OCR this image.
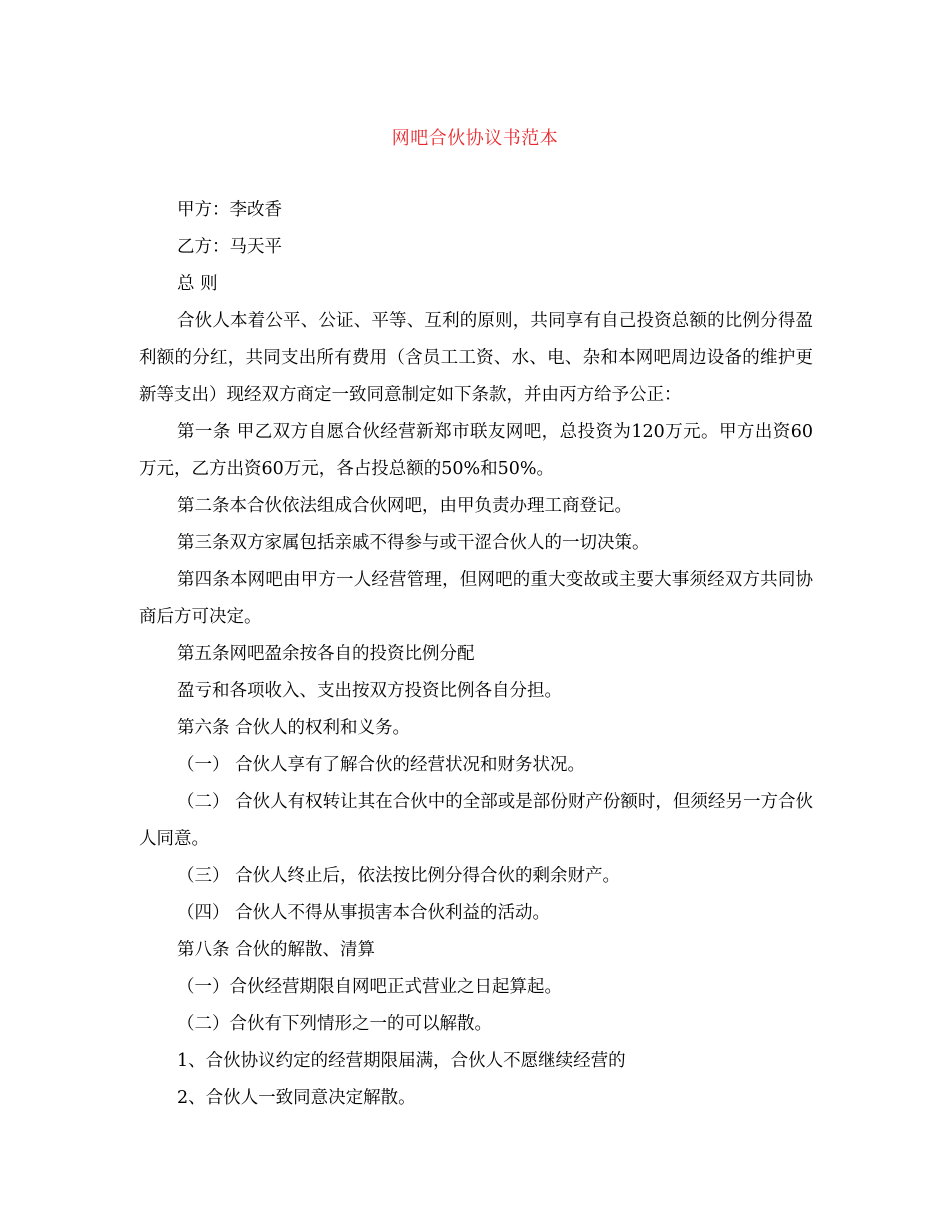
网吧合伙协议书范本

甲方：李改香

乙方：马天平

总 则

合伙人本着公平、公证、平等、互利的原则，共同享有自己投资总额的比例分得盈利额的分红，共同支出所有费用（含员工工资、水、电、杂和本网吧周边设备的维护更新等支出）现经双方商定一致同意制定如下条款，并由丙方给予公正：

第一条 甲乙双方自愿合伙经营新郑市联友网吧，总投资为120万元。甲方出资60万元，乙方出资60万元，各占投总额的50%和50%。

第二条本合伙依法组成合伙网吧，由甲负责办理工商登记。

第三条双方家属包括亲戚不得参与或干涩合伙人的一切决策。

第四条本网吧由甲方一人经营管理，但网吧的重大变故或主要大事须经双方共同协商后方可决定。

第五条网吧盈余按各自的投资比例分配

盈亏和各项收入、支出按双方投资比例各自分担。

第六条 合伙人的权利和义务。

（一） 合伙人享有了解合伙的经营状况和财务状况。

（二） 合伙人有权转让其在合伙中的全部或是部份财产份额时，但须经另一方合伙人同意。

（三） 合伙人终止后，依法按比例分得合伙的剩余财产。

（四） 合伙人不得从事损害本合伙利益的活动。

第八条 合伙的解散、清算

（一）合伙经营期限自网吧正式营业之日起算起。

（二）合伙有下列情形之一的可以解散。

1、合伙协议约定的经营期限届满，合伙人不愿继续经营的

2、合伙人一致同意决定解散。
